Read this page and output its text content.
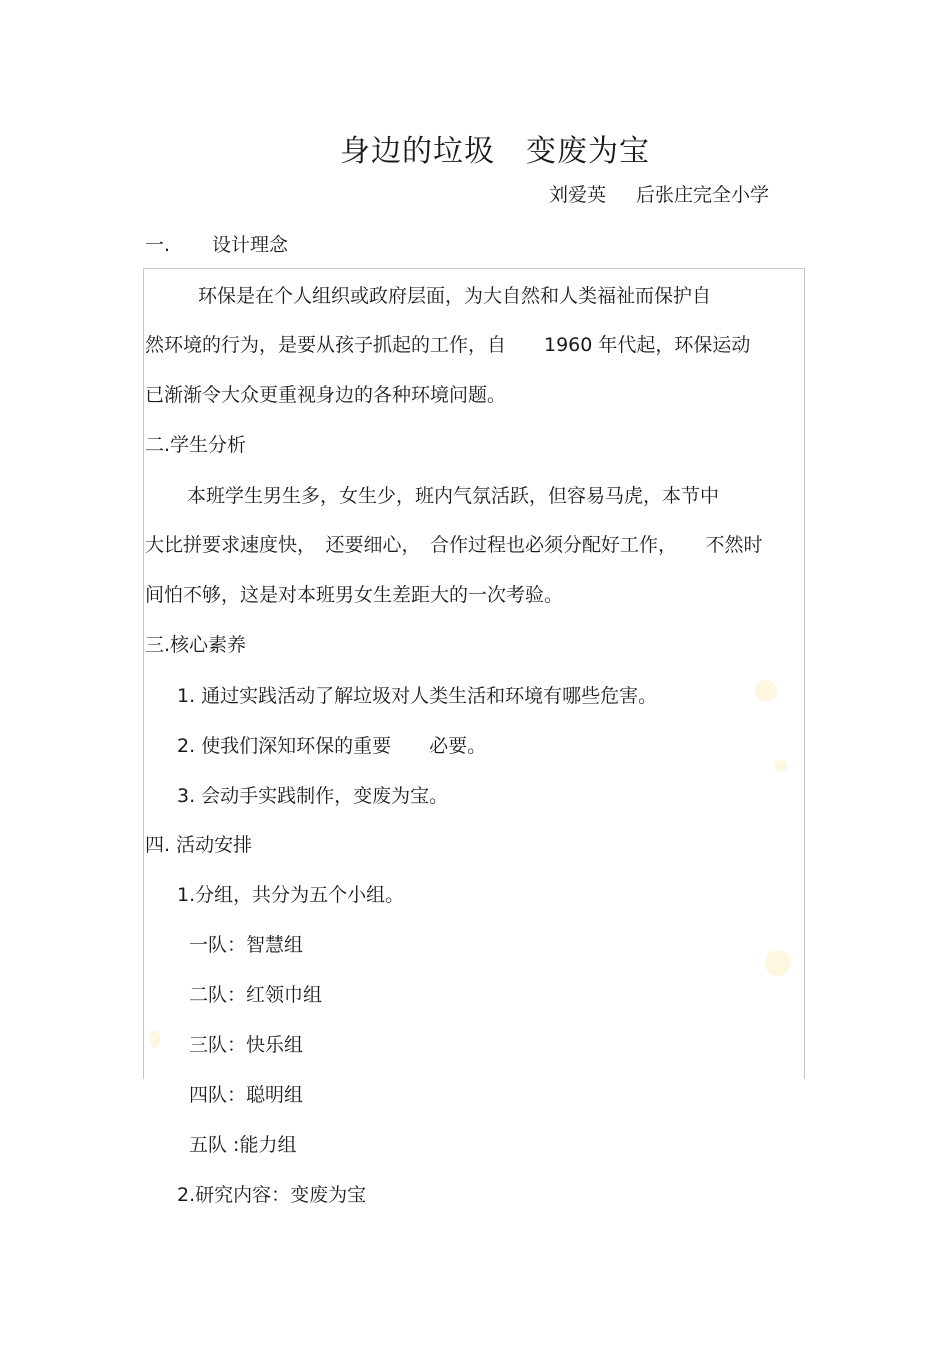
身边的垃圾　变废为宝
刘爱英 后张庄完全小学
一. 设计理念
环保是在个人组织或政府层面，为大自然和人类福祉而保护自
然环境的行为，是要从孩子抓起的工作，自　　1960 年代起，环保运动
已渐渐令大众更重视身边的各种环境问题。
二.学生分析
本班学生男生多，女生少，班内气氛活跃，但容易马虎，本节中
大比拼要求速度快，　还要细心，　合作过程也必须分配好工作，　　不然时
间怕不够，这是对本班男女生差距大的一次考验。
三.核心素养
1. 通过实践活动了解垃圾对人类生活和环境有哪些危害。
2. 使我们深知环保的重要　　必要。
3. 会动手实践制作，变废为宝。
四. 活动安排
1.分组，共分为五个小组。
一队：智慧组
二队：红领巾组
三队：快乐组
四队：聪明组
五队 :能力组
2.研究内容：变废为宝
